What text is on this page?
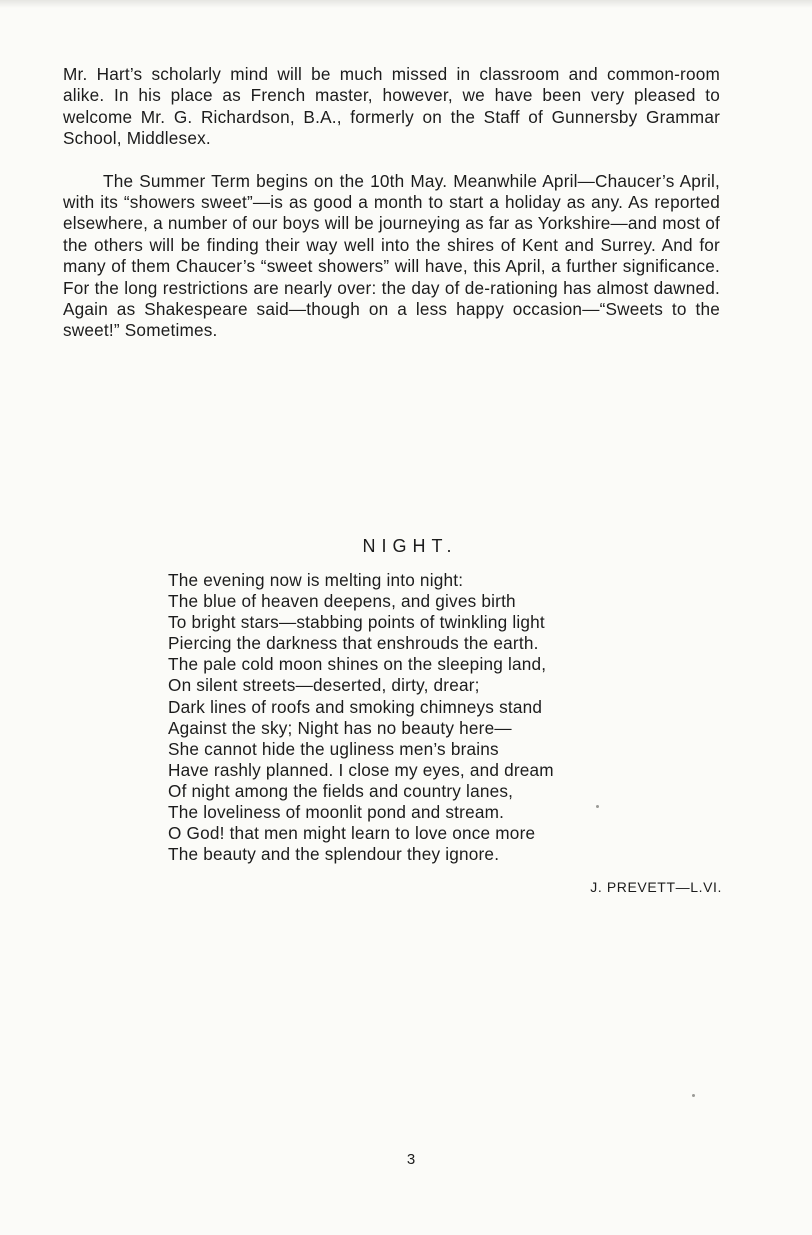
Mr. Hart’s scholarly mind will be much missed in classroom and common-room alike. In his place as French master, however, we have been very pleased to welcome Mr. G. Richardson, B.A., formerly on the Staff of Gunnersby Grammar School, Middlesex.

The Summer Term begins on the 10th May. Meanwhile April—Chaucer’s April, with its “showers sweet”—is as good a month to start a holiday as any. As reported elsewhere, a number of our boys will be journeying as far as Yorkshire—and most of the others will be finding their way well into the shires of Kent and Surrey. And for many of them Chaucer’s “sweet showers” will have, this April, a further significance. For the long restrictions are nearly over: the day of de-rationing has almost dawned. Again as Shakespeare said—though on a less happy occasion—“Sweets to the sweet!” Sometimes.

NIGHT.
The evening now is melting into night:
The blue of heaven deepens, and gives birth
To bright stars—stabbing points of twinkling light
Piercing the darkness that enshrouds the earth.
The pale cold moon shines on the sleeping land,
On silent streets—deserted, dirty, drear;
Dark lines of roofs and smoking chimneys stand
Against the sky; Night has no beauty here—
She cannot hide the ugliness men’s brains
Have rashly planned. I close my eyes, and dream
Of night among the fields and country lanes,
The loveliness of moonlit pond and stream.
O God! that men might learn to love once more
The beauty and the splendour they ignore.
J. PREVETT—L.VI.
3
